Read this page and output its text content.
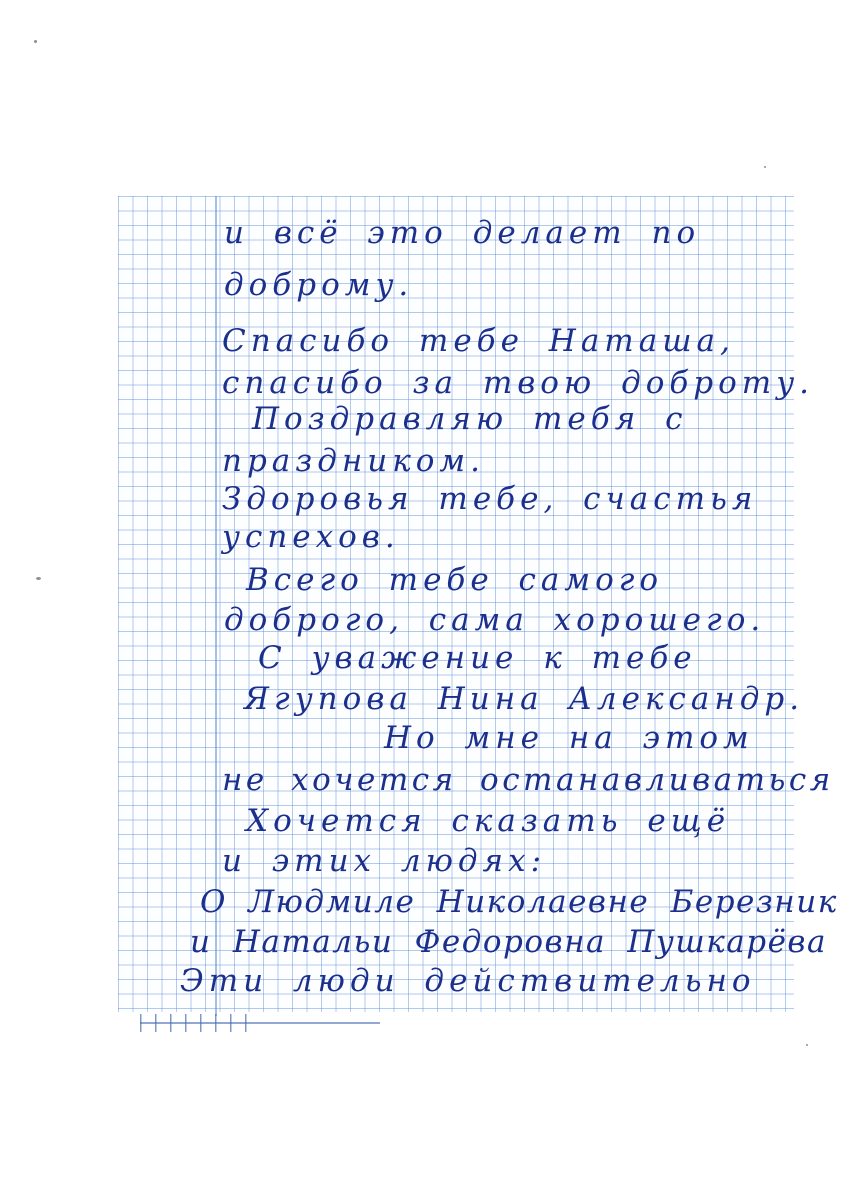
и всё это делает по
доброму.
Спасибо тебе Наташа,
спасибо за твою доброту.
Поздравляю тебя с
праздником.
Здоровья тебе, счастья
успехов.
Всего тебе самого
доброго, сама хорошего.
С уважение к тебе
Ягупова Нина Александр.
Но мне на этом
не хочется останавливаться
Хочется сказать ещё
и этих людях:
О Людмиле Николаевне Березник
и Натальи Федоровна Пушкарёва
Эти люди действительно
